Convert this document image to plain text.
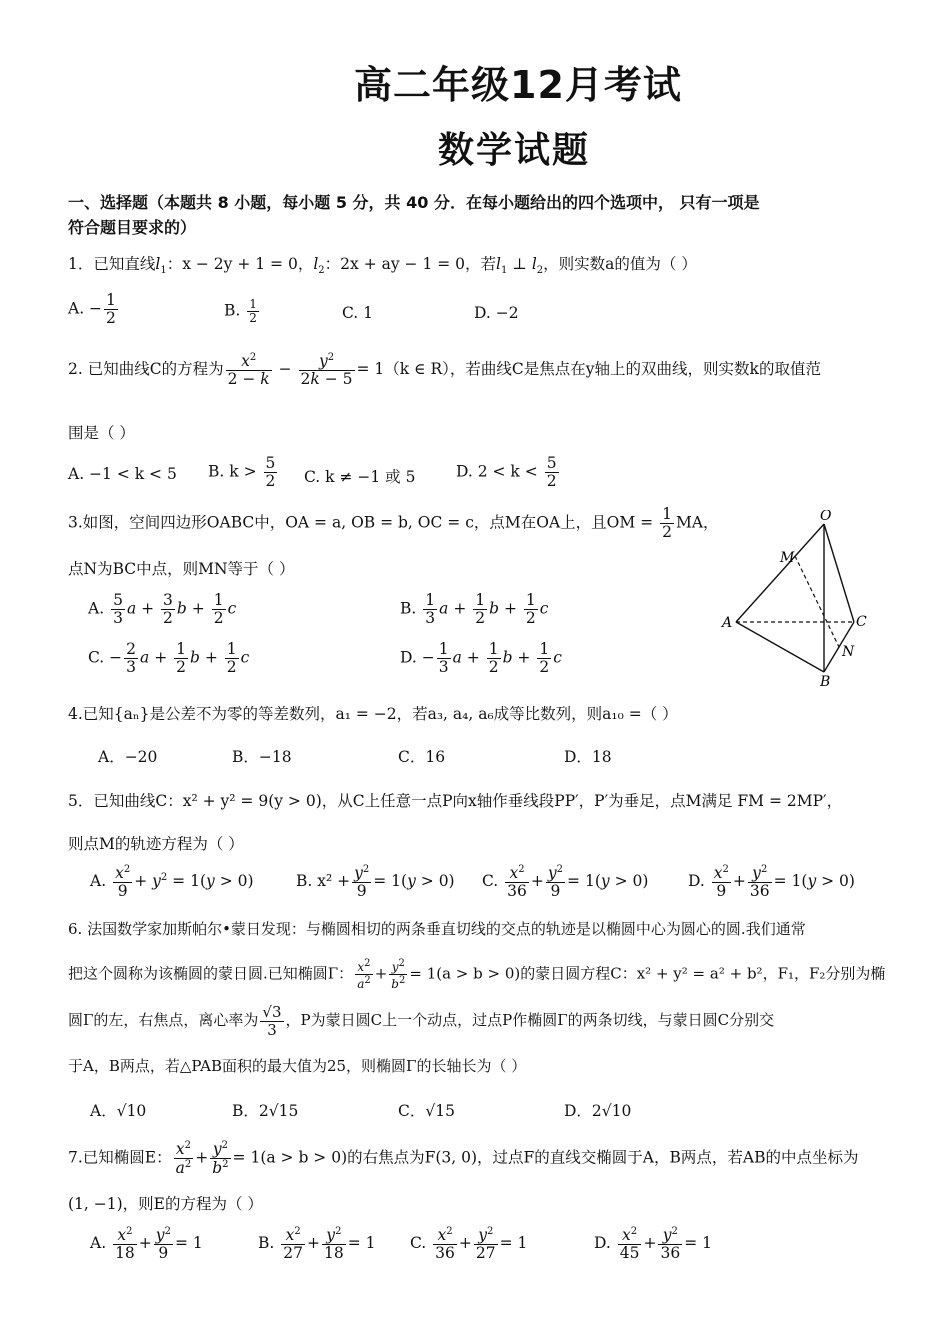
高二年级12月考试
数学试题
一、选择题（本题共 8 小题，每小题 5 分，共 40 分．在每小题给出的四个选项中， 只有一项是
符合题目要求的）
1．已知直线$l_1$：x − 2y + 1 = 0，$l_2$：2x + ay − 1 = 0，若$l_1$ ⊥ $l_2$，则实数a的值为（ ）
A. − $\frac{1}{2}$	B. $\frac{1}{2}$	C. 1	D. −2
2. 已知曲线C的方程为 $\frac{x^2}{2 - k} - \frac{y^2}{2k - 5} = 1(k$ ∈ R），若曲线C是焦点在y轴上的双曲线，则实数k的取值范
围是（ ）
A. −1 < k < 5 B. $k > \frac{5}{2} C$. k ≠ −1 或 5	D. $2 < k < \frac{5}{2}$
3.如图，空间四边形OABC中，OA = a, OB = b, OC = c，点M在OA上，且OM = $\frac{1}{2}$ MA，
点N为BC中点，则MN等于（ ）
A. $\frac{5}{3}$ $a + \frac{3}{2}$ $b + \frac{1}{2}$ c	B. $\frac{1}{3}$ $a + \frac{1}{2}$ $b + \frac{1}{2}$ c
C. − $\frac{2}{3}$ $a + \frac{1}{2}$ $b + \frac{1}{2}$ c	D. − $\frac{1}{3}$ $a + \frac{1}{2}$ $b + \frac{1}{2}$ c
O
M
A	C
N
B
4.已知{aₙ}是公差不为零的等差数列，a₁ = −2，若a₃, a₄, a₆成等比数列，则a₁₀ =（ ）
A．−20	B．−18	C．16	D．18
5．已知曲线C：x² + y² = 9(y > 0)，从C上任意一点P向x轴作垂线段PP′，P′为垂足，点M满足 FM = 2MP′，
则点M的轨迹方程为（ ）
A. $\frac{x^2}{9} + y^2 = 1(y > 0)$	B. $x^2 + \frac{y^2}{9} = 1(y > 0)$ C. $\frac{x^2}{36} + \frac{y^2}{9} = 1(y > 0)$	D. $\frac{x^2}{9} + \frac{y^2}{36} = 1(y > 0)$
6. 法国数学家加斯帕尔•蒙日发现：与椭圆相切的两条垂直切线的交点的轨迹是以椭圆中心为圆心的圆.我们通常
把这个圆称为该椭圆的蒙日圆.已知椭圆Γ： $\frac{x^2}{a^2} + \frac{y^2}{b^2} = 1(a > b > 0)$的蒙日圆方程C：x² + y² = a² + b²，F₁，F₂分别为椭
圆Γ的左，右焦点，离心率为 $\frac{√3}{3}$ ，P为蒙日圆C上一个动点，过点P作椭圆Γ的两条切线，与蒙日圆C分别交
于A，B两点，若△PAB面积的最大值为25，则椭圆Γ的长轴长为（ ）
A．√10	B．2√15	C．√15	D．2√10
7.已知椭圆E： $\frac{x^2}{a^2} + \frac{y^2}{b^2} = 1(a > b > 0)$的右焦点为F(3, 0)，过点F的直线交椭圆于A，B两点，若AB的中点坐标为
(1, −1)，则E的方程为（ ）
A. $\frac{x^2}{18} + \frac{y^2}{9} = 1$	B. $\frac{x^2}{27} + \frac{y^2}{18} = 1$ C. $\frac{x^2}{36} + \frac{y^2}{27} = 1$	D. $\frac{x^2}{45} + \frac{y^2}{36} = 1$
